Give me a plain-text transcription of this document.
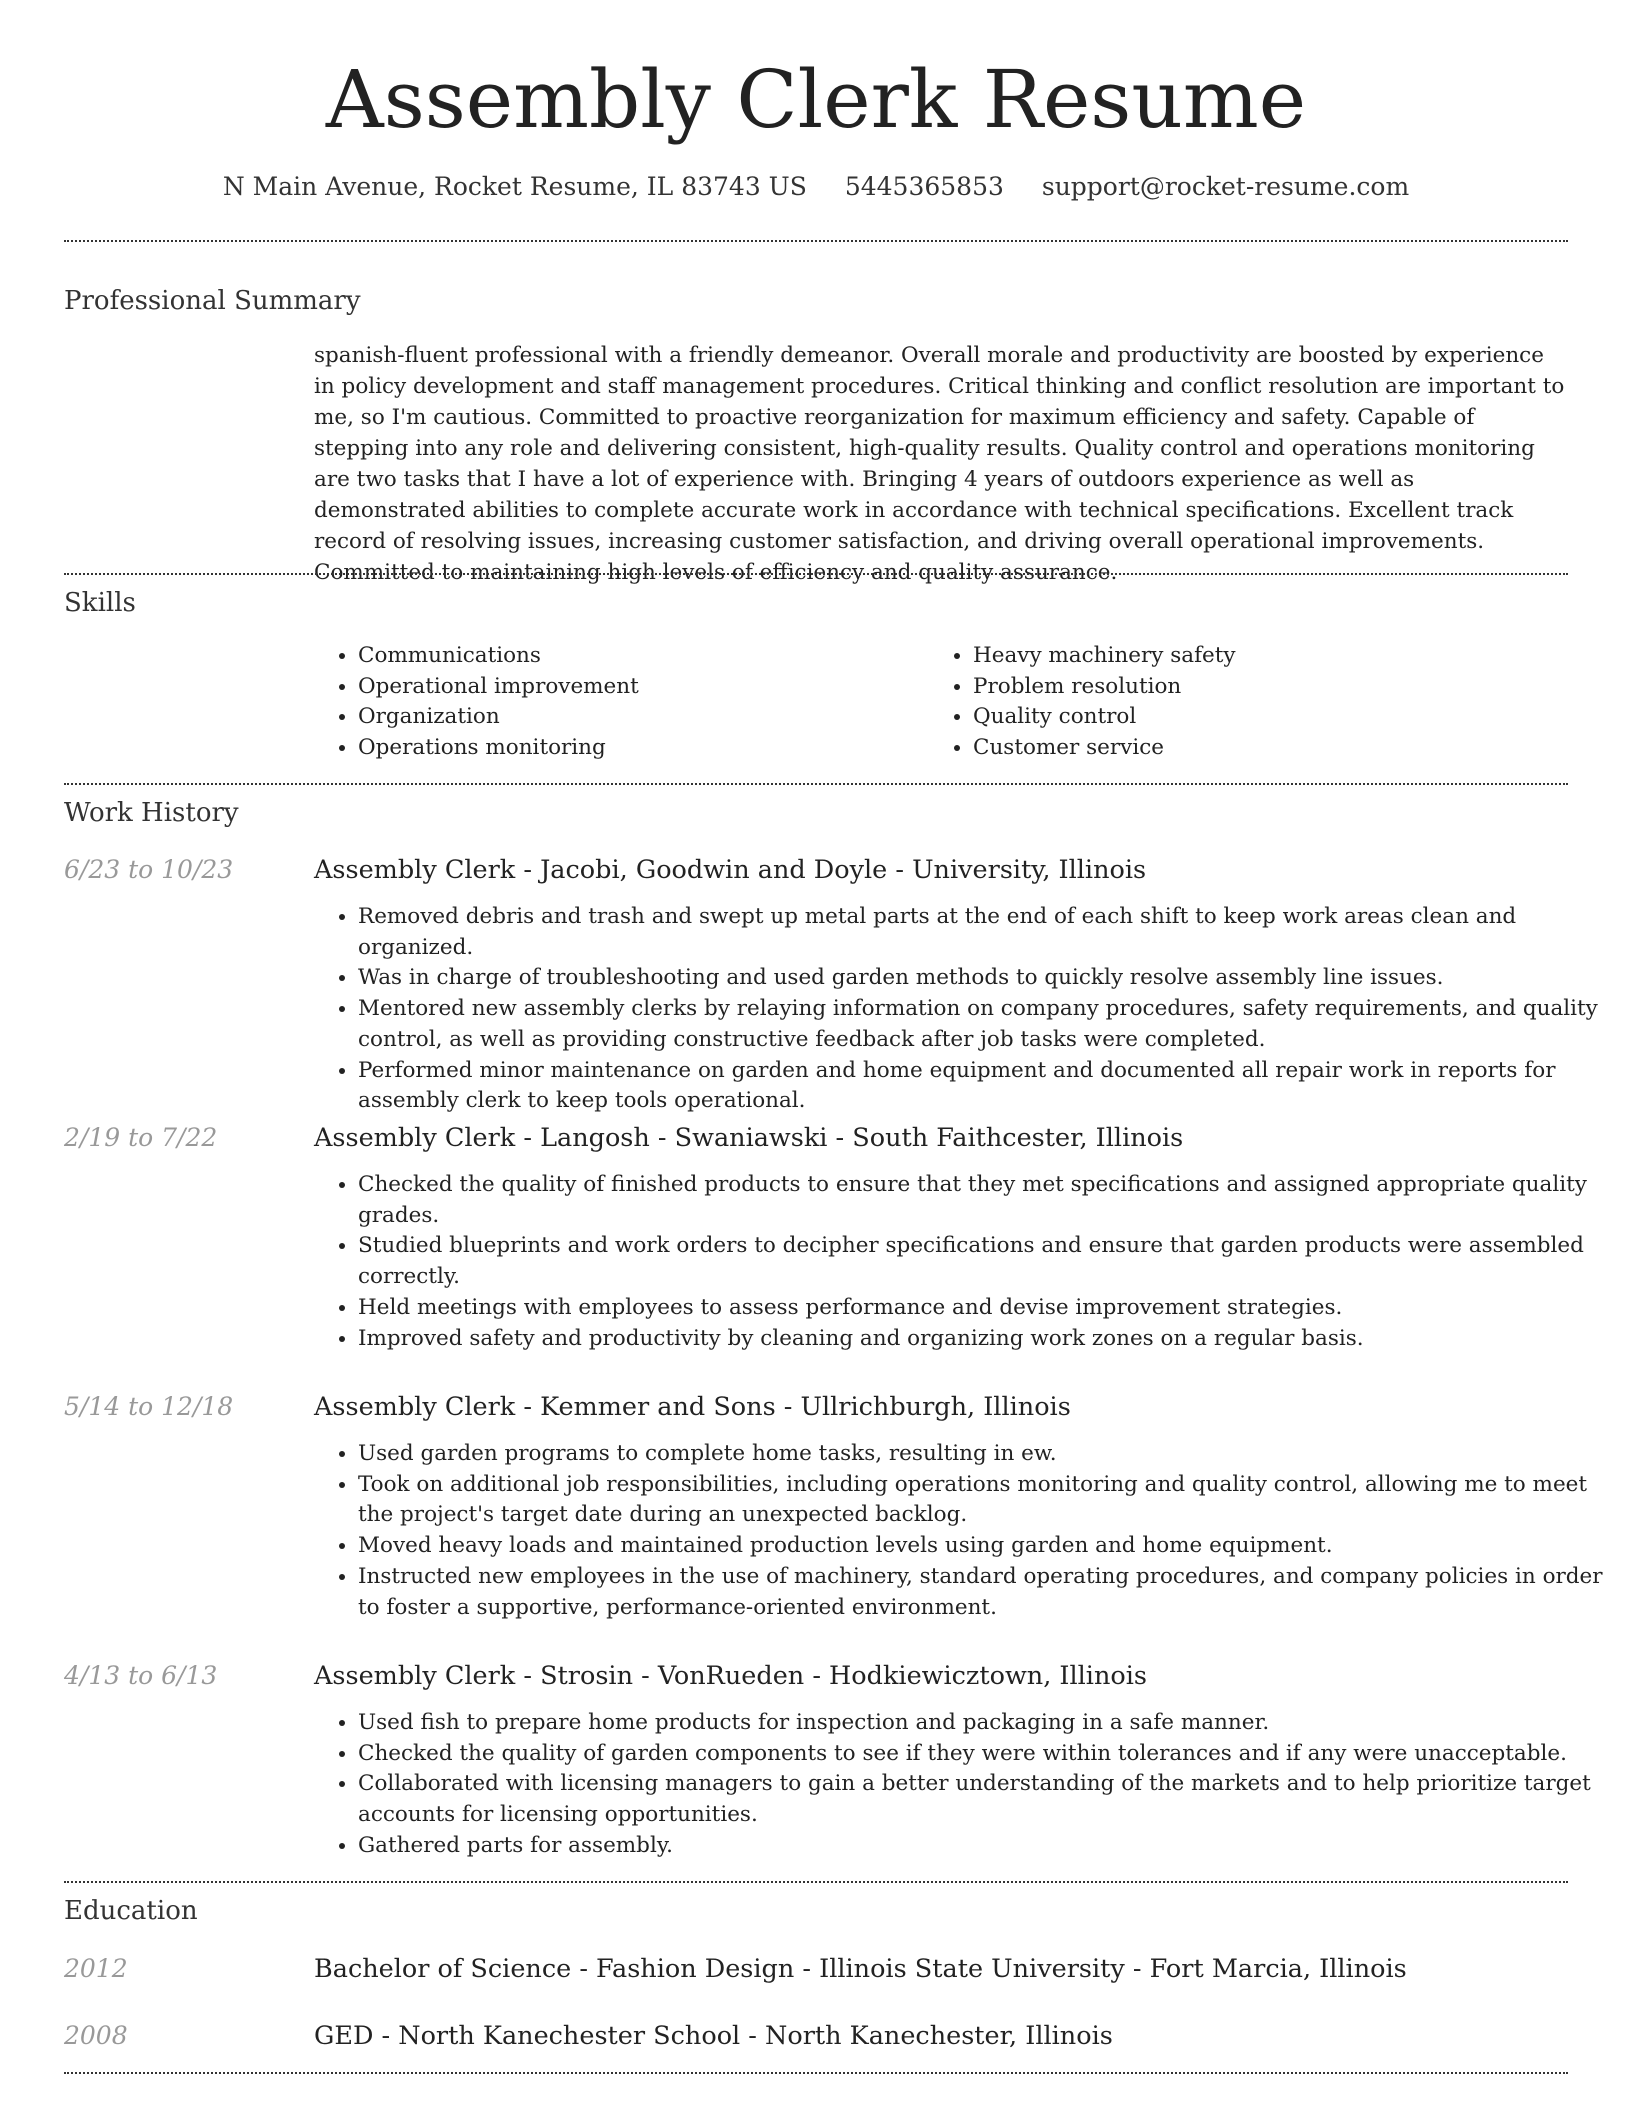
Assembly Clerk Resume
N Main Avenue, Rocket Resume, IL 83743 US 5445365853 support@rocket-resume.com
Professional Summary
spanish-fluent professional with a friendly demeanor. Overall morale and productivity are boosted by experience in policy development and staff management procedures. Critical thinking and conflict resolution are important to me, so I'm cautious. Committed to proactive reorganization for maximum efficiency and safety. Capable of stepping into any role and delivering consistent, high-quality results. Quality control and operations monitoring are two tasks that I have a lot of experience with. Bringing 4 years of outdoors experience as well as demonstrated abilities to complete accurate work in accordance with technical specifications. Excellent track record of resolving issues, increasing customer satisfaction, and driving overall operational improvements. Committed to maintaining high levels of efficiency and quality assurance.
Skills
• Communications
• Operational improvement
• Organization
• Operations monitoring
• Heavy machinery safety
• Problem resolution
• Quality control
• Customer service
Work History
6/23 to 10/23	Assembly Clerk - Jacobi, Goodwin and Doyle - University, Illinois
• Removed debris and trash and swept up metal parts at the end of each shift to keep work areas clean and organized.
• Was in charge of troubleshooting and used garden methods to quickly resolve assembly line issues.
• Mentored new assembly clerks by relaying information on company procedures, safety requirements, and quality control, as well as providing constructive feedback after job tasks were completed.
• Performed minor maintenance on garden and home equipment and documented all repair work in reports for assembly clerk to keep tools operational.
2/19 to 7/22	Assembly Clerk - Langosh - Swaniawski - South Faithcester, Illinois
• Checked the quality of finished products to ensure that they met specifications and assigned appropriate quality grades.
• Studied blueprints and work orders to decipher specifications and ensure that garden products were assembled correctly.
• Held meetings with employees to assess performance and devise improvement strategies.
• Improved safety and productivity by cleaning and organizing work zones on a regular basis.
5/14 to 12/18	Assembly Clerk - Kemmer and Sons - Ullrichburgh, Illinois
• Used garden programs to complete home tasks, resulting in ew.
• Took on additional job responsibilities, including operations monitoring and quality control, allowing me to meet the project's target date during an unexpected backlog.
• Moved heavy loads and maintained production levels using garden and home equipment.
• Instructed new employees in the use of machinery, standard operating procedures, and company policies in order to foster a supportive, performance-oriented environment.
4/13 to 6/13	Assembly Clerk - Strosin - VonRueden - Hodkiewicztown, Illinois
• Used fish to prepare home products for inspection and packaging in a safe manner.
• Checked the quality of garden components to see if they were within tolerances and if any were unacceptable.
• Collaborated with licensing managers to gain a better understanding of the markets and to help prioritize target accounts for licensing opportunities.
• Gathered parts for assembly.
Education
2012	Bachelor of Science - Fashion Design - Illinois State University - Fort Marcia, Illinois
2008	GED - North Kanechester School - North Kanechester, Illinois
